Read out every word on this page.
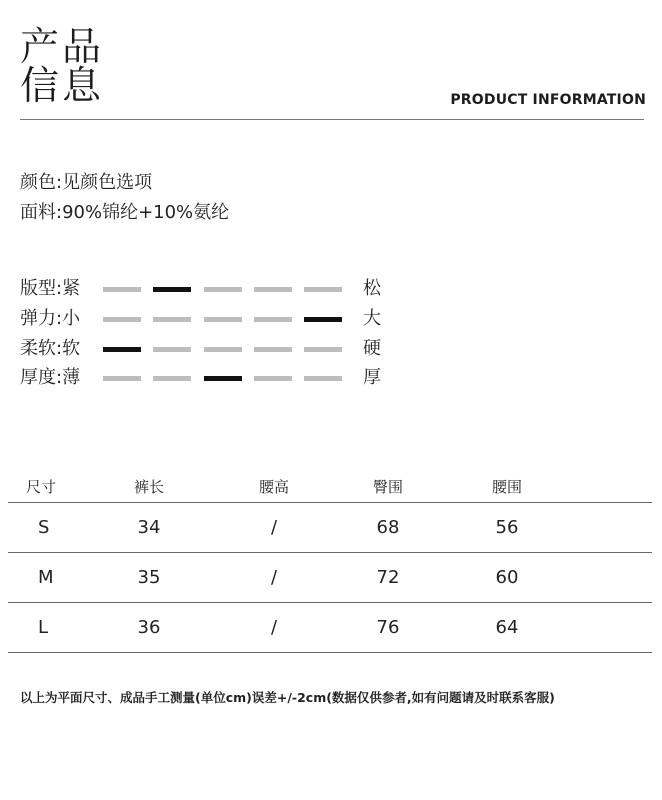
产品
信息	PRODUCT INFORMATION
颜色:见颜色选项
面料:90%锦纶+10%氨纶
版型:紧	松
弹力:小	大
柔软:软	硬
厚度:薄	厚
尺寸	裤长	腰高	臀围	腰围	
S	34	/	68	56	
M	35	/	72	60	
L	36	/	76	64	
以上为平面尺寸、成品手工测量(单位cm)误差+/-2cm(数据仅供参者,如有问题请及时联系客服)
